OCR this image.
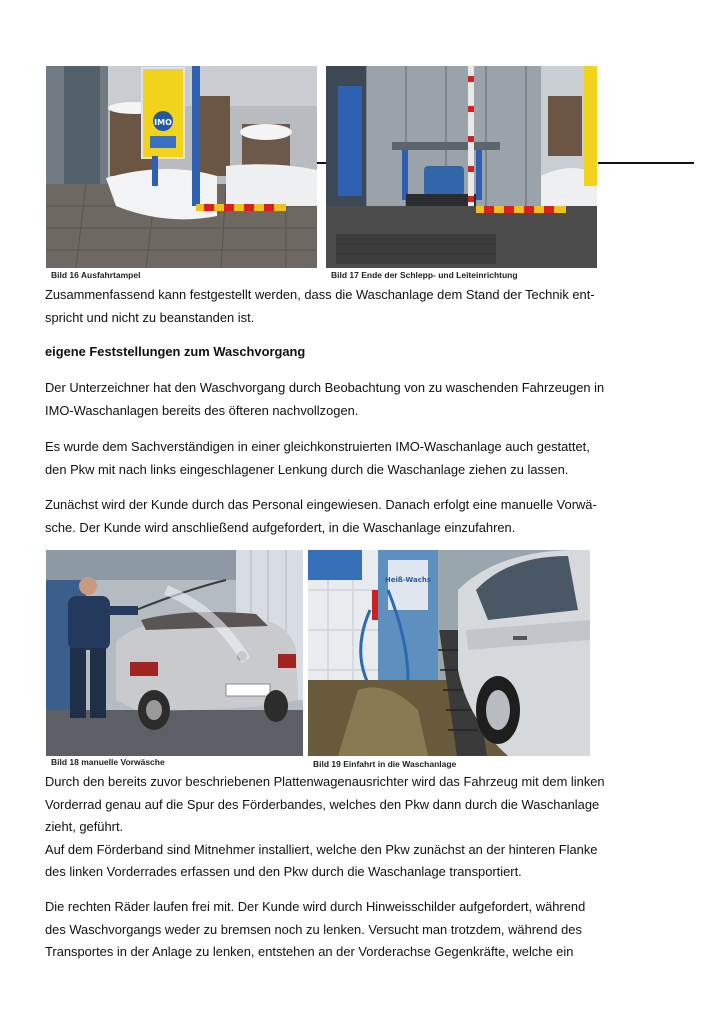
IMO
Bild 16 Ausfahrtampel	Bild 17 Ende der Schlepp- und Leiteinrichtung
Zusammenfassend kann festgestellt werden, dass die Waschanlage dem Stand der Technik ent-
spricht und nicht zu beanstanden ist.
eigene Feststellungen zum Waschvorgang
Der Unterzeichner hat den Waschvorgang durch Beobachtung von zu waschenden Fahrzeugen in
IMO-Waschanlagen bereits des öfteren nachvollzogen.
Es wurde dem Sachverständigen in einer gleichkonstruierten IMO-Waschanlage auch gestattet,
den Pkw mit nach links eingeschlagener Lenkung durch die Waschanlage ziehen zu lassen.
Zunächst wird der Kunde durch das Personal eingewiesen. Danach erfolgt eine manuelle Vorwä-
sche. Der Kunde wird anschließend aufgefordert, in die Waschanlage einzufahren.
Bild 18 manuelle Vorwäsche
Heiß-Wachs
Bild 19 Einfahrt in die Waschanlage
Durch den bereits zuvor beschriebenen Plattenwagenausrichter wird das Fahrzeug mit dem linken
Vorderrad genau auf die Spur des Förderbandes, welches den Pkw dann durch die Waschanlage
zieht, geführt.
Auf dem Förderband sind Mitnehmer installiert, welche den Pkw zunächst an der hinteren Flanke
des linken Vorderrades erfassen und den Pkw durch die Waschanlage transportiert.
Die rechten Räder laufen frei mit. Der Kunde wird durch Hinweisschilder aufgefordert, während
des Waschvorgangs weder zu bremsen noch zu lenken. Versucht man trotzdem, während des
Transportes in der Anlage zu lenken, entstehen an der Vorderachse Gegenkräfte, welche ein
